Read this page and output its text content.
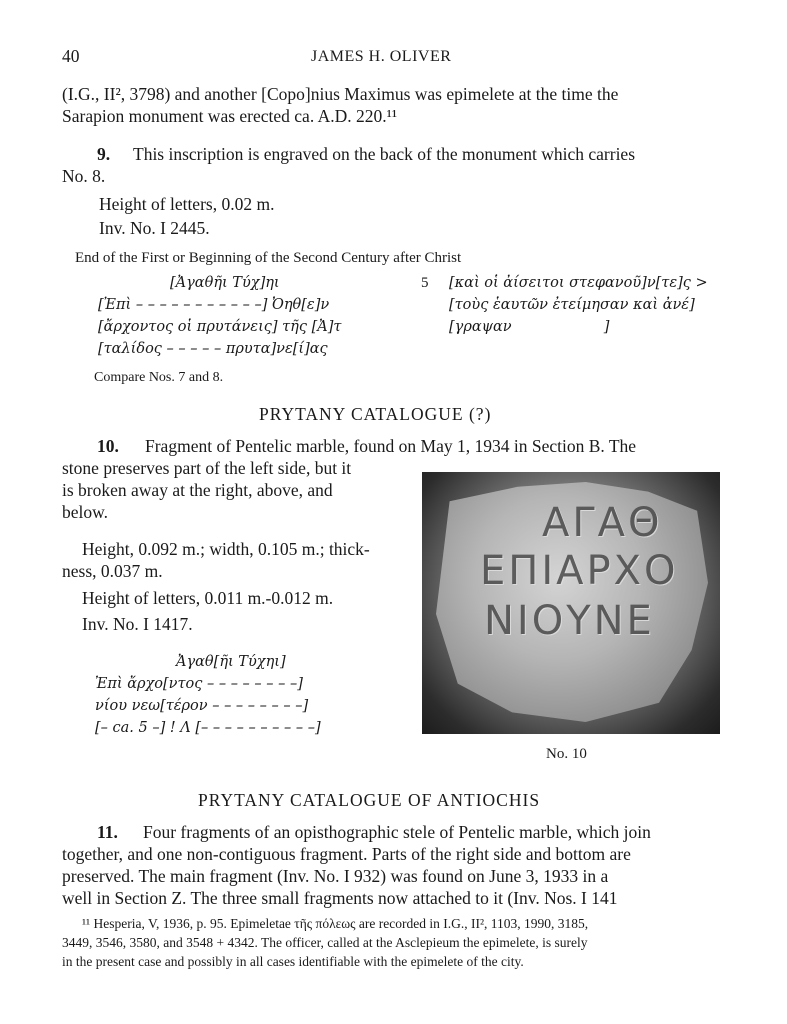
40	JAMES H. OLIVER
(I.G., II², 3798) and another [Copo]nius Maximus was epimelete at the time the
Sarapion monument was erected ca. A.D. 220.¹¹
9. This inscription is engraved on the back of the monument which carries
No. 8.
Height of letters, 0.02 m.
Inv. No. I 2445.
End of the First or Beginning of the Second Century after Christ
[Ἀγαθῆι Τύχ]ηι
[Ἐπὶ – – – – – – – – – – –] Ὀηθ[ε]ν
[ἄρχοντος οἱ πρυτάνεις] τῆς [Ἀ]τ
[ταλίδος – – – – – πρυτα]νε[ί]ας
5 [καὶ οἱ ἀίσειτοι στεφανοῦ]ν[τε]ς >
[τοὺς ἑαυτῶν ἐτείμησαν καὶ ἀνέ]
[γραψαν                    ]
Compare Nos. 7 and 8.
PRYTANY CATALOGUE (?)
10. Fragment of Pentelic marble, found on May 1, 1934 in Section B. The
stone preserves part of the left side, but it
is broken away at the right, above, and
below.
Height, 0.092 m.; width, 0.105 m.; thick-
ness, 0.037 m.
Height of letters, 0.011 m.-0.012 m.
Inv. No. I 1417.
Ἀγαθ[ῆι Τύχηι]
Ἐπὶ ἄρχο[ντος – – – – – – – –]
νίου νεω[τέρον – – – – – – – –]
[– ca. 5 –] ! Λ [– – – – – – – – – –]
ΑΓΑΘ
ΕΠΙΑΡΧΟ
ΝΙΟΥΝΕ
No. 10
PRYTANY CATALOGUE OF ANTIOCHIS
11. Four fragments of an opisthographic stele of Pentelic marble, which join
together, and one non-contiguous fragment. Parts of the right side and bottom are
preserved. The main fragment (Inv. No. I 932) was found on June 3, 1933 in a
well in Section Z. The three small fragments now attached to it (Inv. Nos. I 141
¹¹ Hesperia, V, 1936, p. 95. Epimeletae τῆς πόλεως are recorded in I.G., II², 1103, 1990, 3185,
3449, 3546, 3580, and 3548 + 4342. The officer, called at the Asclepieum the epimelete, is surely
in the present case and possibly in all cases identifiable with the epimelete of the city.
